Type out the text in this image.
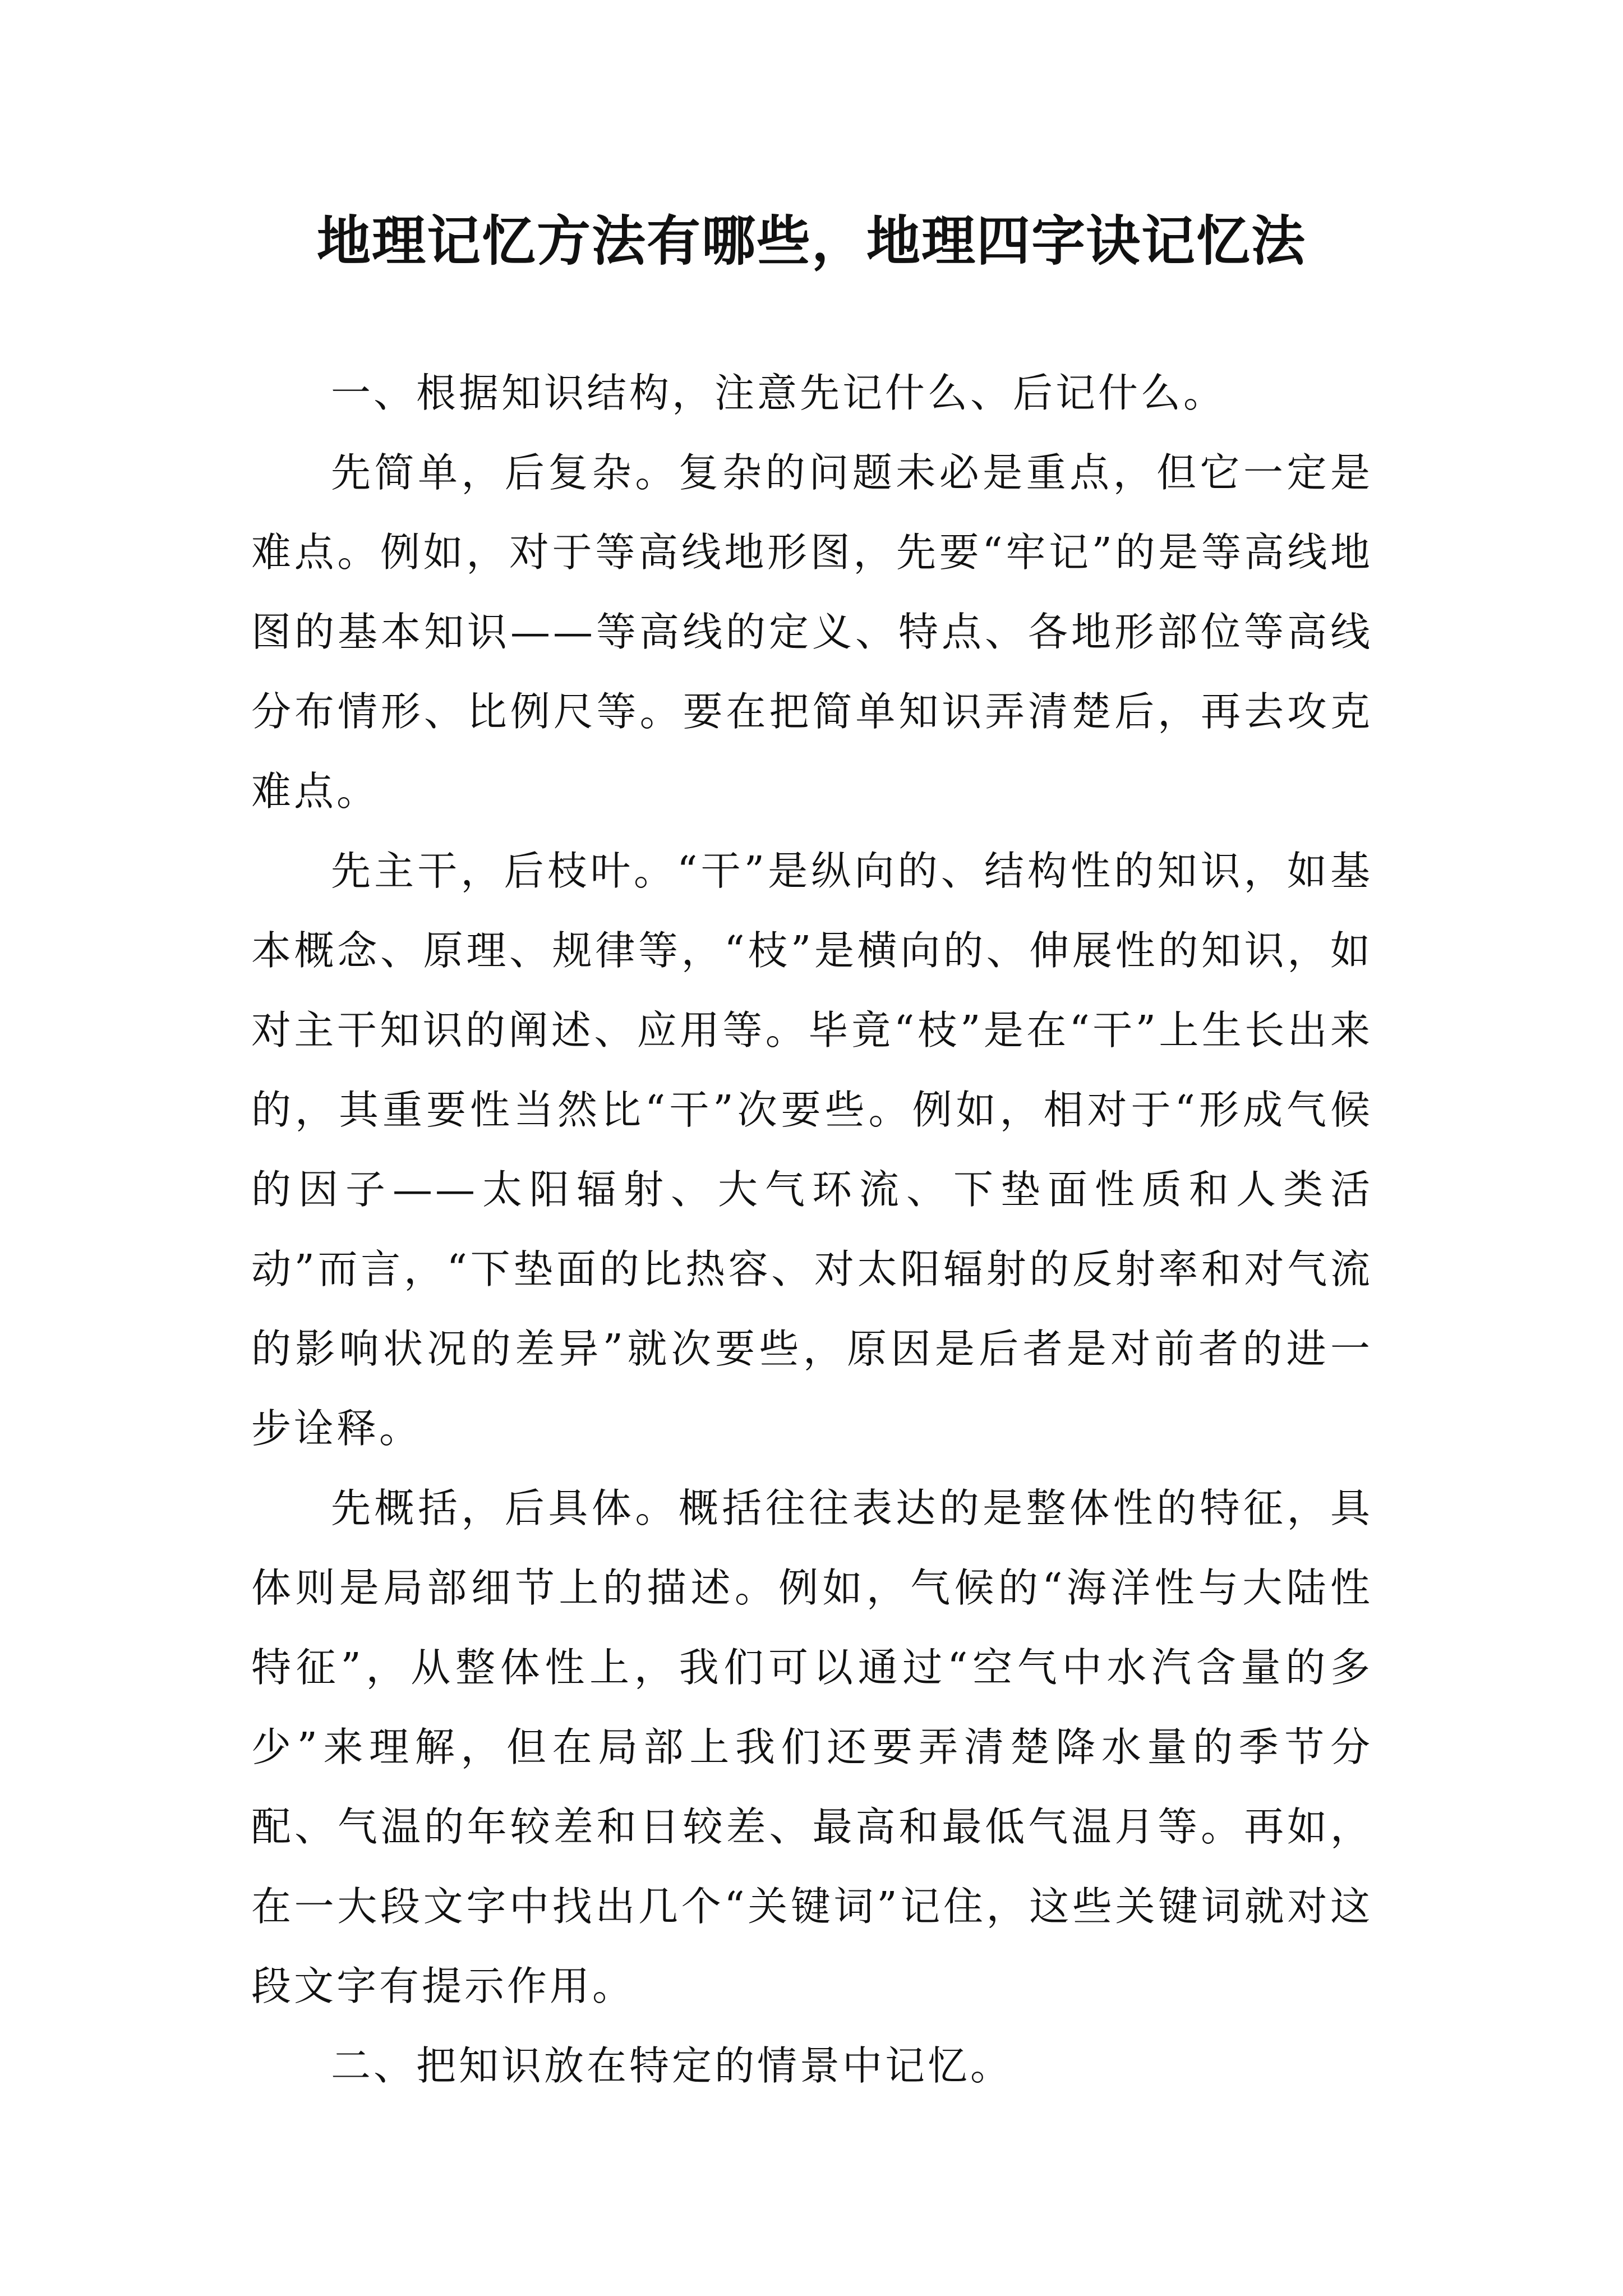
地理记忆方法有哪些，地理四字诀记忆法

一、根据知识结构，注意先记什么、后记什么。

先简单，后复杂。复杂的问题未必是重点，但它一定是难点。例如，对于等高线地形图，先要“牢记”的是等高线地图的基本知识——等高线的定义、特点、各地形部位等高线分布情形、比例尺等。要在把简单知识弄清楚后，再去攻克难点。

先主干，后枝叶。“干”是纵向的、结构性的知识，如基本概念、原理、规律等，“枝”是横向的、伸展性的知识，如对主干知识的阐述、应用等。毕竟“枝”是在“干”上生长出来的，其重要性当然比“干”次要些。例如，相对于“形成气候的因子——太阳辐射、大气环流、下垫面性质和人类活动”而言，“下垫面的比热容、对太阳辐射的反射率和对气流的影响状况的差异”就次要些，原因是后者是对前者的进一步诠释。

先概括，后具体。概括往往表达的是整体性的特征，具体则是局部细节上的描述。例如，气候的“海洋性与大陆性特征”，从整体性上，我们可以通过“空气中水汽含量的多少”来理解，但在局部上我们还要弄清楚降水量的季节分配、气温的年较差和日较差、最高和最低气温月等。再如，在一大段文字中找出几个“关键词”记住，这些关键词就对这段文字有提示作用。

二、把知识放在特定的情景中记忆。
